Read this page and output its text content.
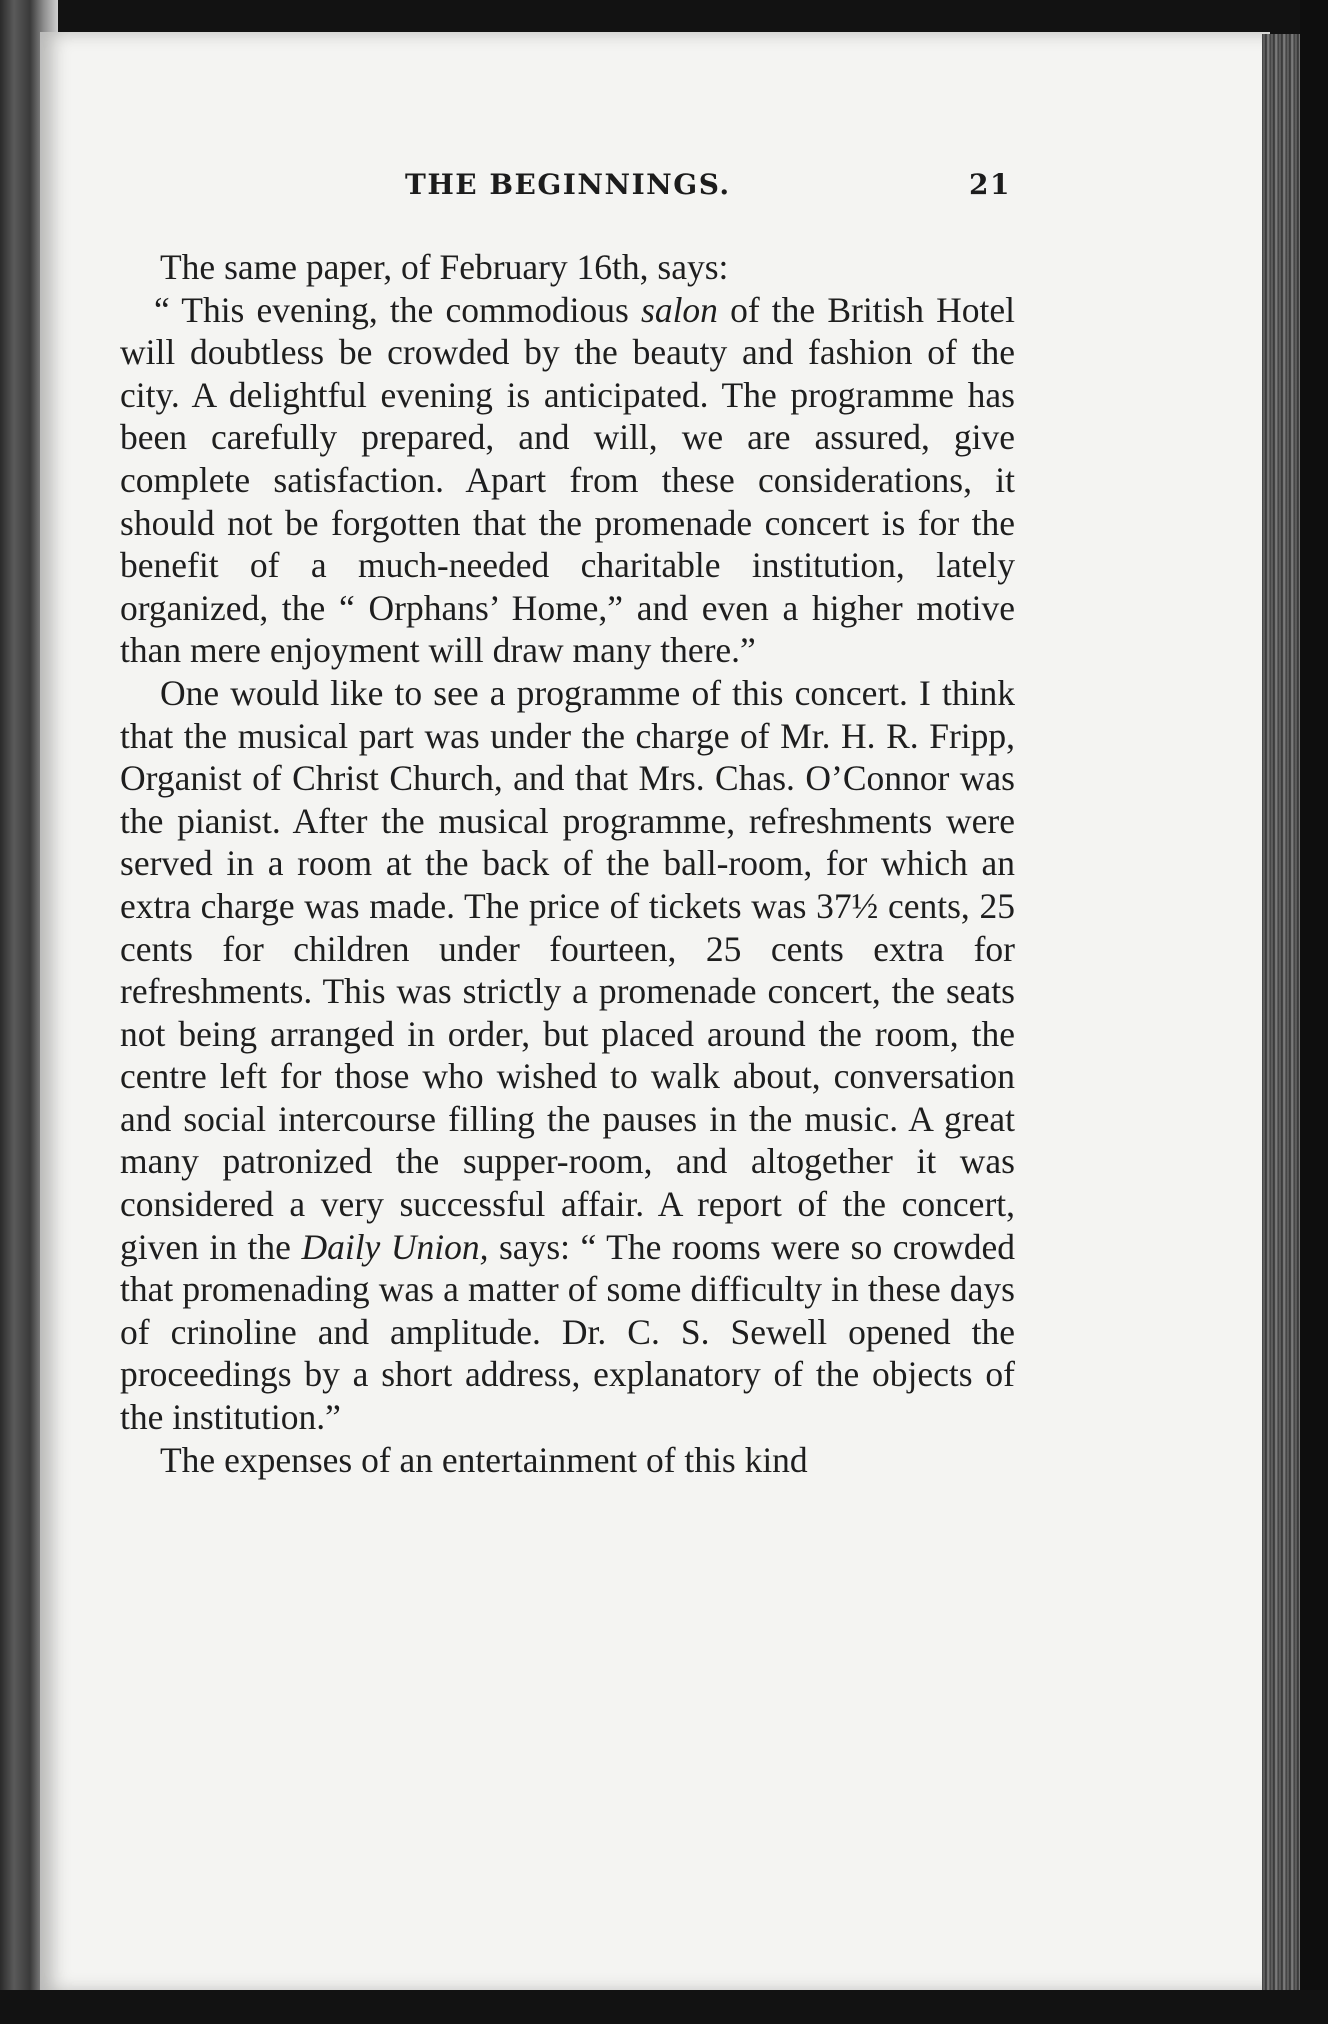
THE BEGINNINGS.	21

The same paper, of February 16th, says:

“ This evening, the commodious salon of the British Hotel will doubtless be crowded by the beauty and fashion of the city. A delightful evening is anticipated. The programme has been carefully prepared, and will, we are assured, give complete satisfaction. Apart from these considerations, it should not be forgotten that the promenade concert is for the benefit of a much-needed charitable institution, lately organized, the “ Orphans’ Home,” and even a higher motive than mere enjoyment will draw many there.”

One would like to see a programme of this concert. I think that the musical part was under the charge of Mr. H. R. Fripp, Organist of Christ Church, and that Mrs. Chas. O’Connor was the pianist. After the musical programme, refreshments were served in a room at the back of the ball-room, for which an extra charge was made. The price of tickets was 37½ cents, 25 cents for children under fourteen, 25 cents extra for refreshments. This was strictly a promenade concert, the seats not being arranged in order, but placed around the room, the centre left for those who wished to walk about, conversation and social intercourse filling the pauses in the music. A great many patronized the supper-room, and altogether it was considered a very successful affair. A report of the concert, given in the Daily Union, says: “ The rooms were so crowded that promenading was a matter of some difficulty in these days of crinoline and amplitude. Dr. C. S. Sewell opened the proceedings by a short address, explanatory of the objects of the institution.”

The expenses of an entertainment of this kind
